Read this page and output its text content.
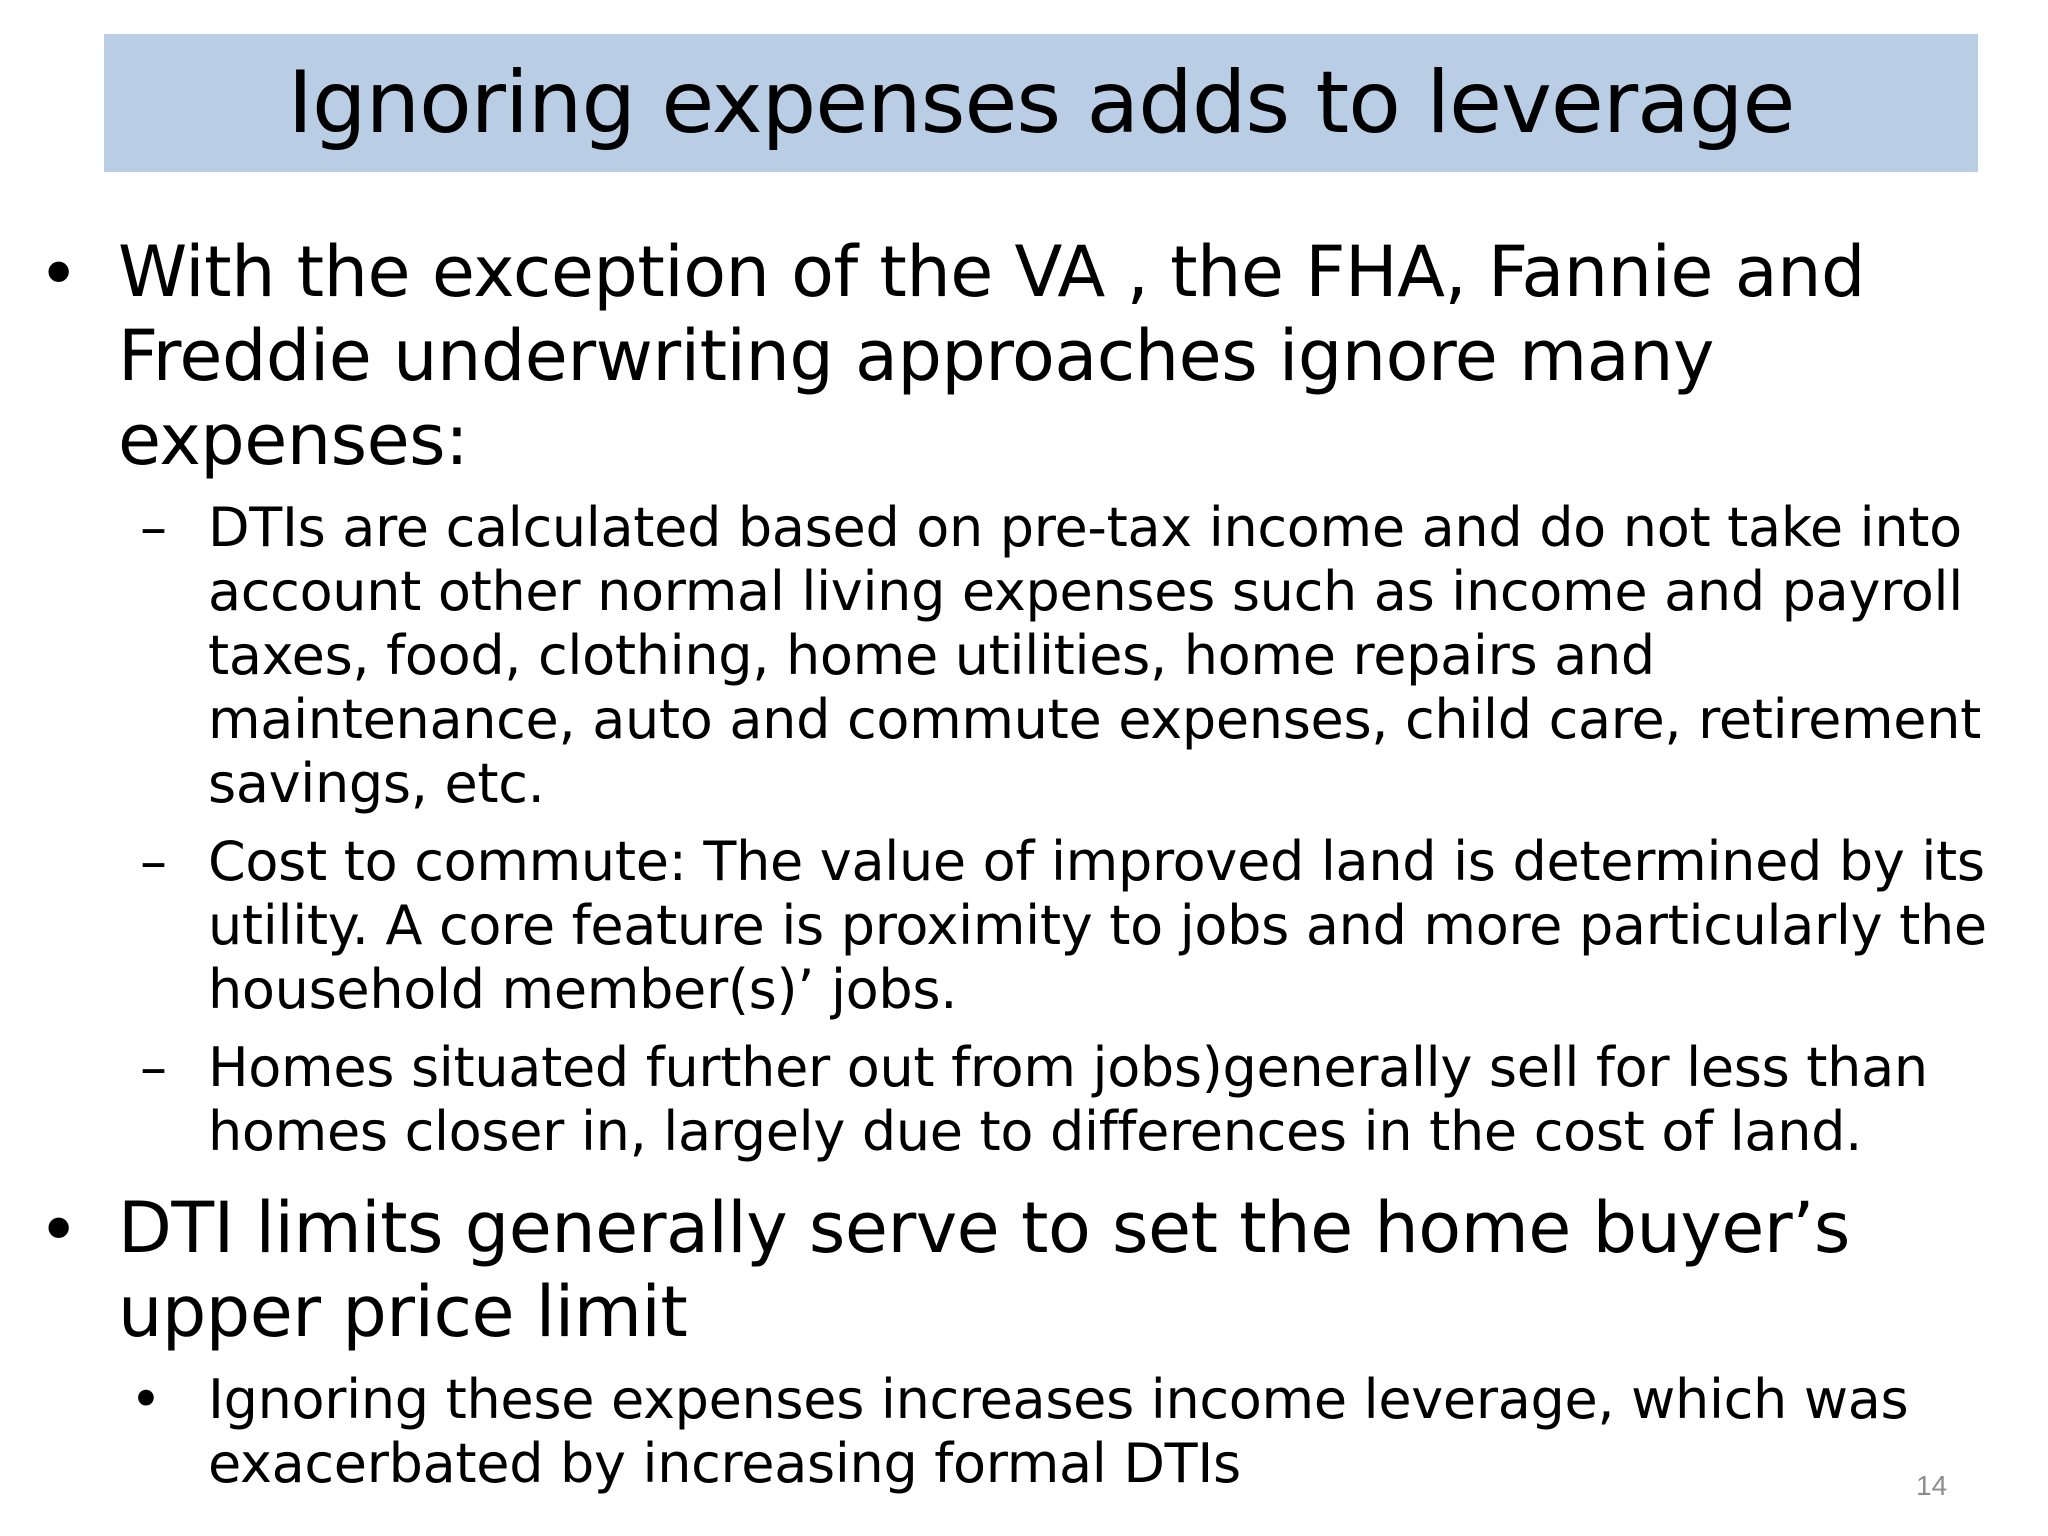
Ignoring expenses adds to leverage
• With the exception of the VA , the FHA, Fannie and Freddie underwriting approaches ignore many expenses:
– DTIs are calculated based on pre-tax income and do not take into account other normal living expenses such as income and payroll taxes, food, clothing, home utilities, home repairs and maintenance, auto and commute expenses, child care, retirement savings, etc.
– Cost to commute: The value of improved land is determined by its utility. A core feature is proximity to jobs and more particularly the household member(s)’ jobs.
– Homes situated further out from jobs)generally sell for less than homes closer in, largely due to differences in the cost of land.
• DTI limits generally serve to set the home buyer’s upper price limit
• Ignoring these expenses increases income leverage, which was exacerbated by increasing formal DTIs	14
